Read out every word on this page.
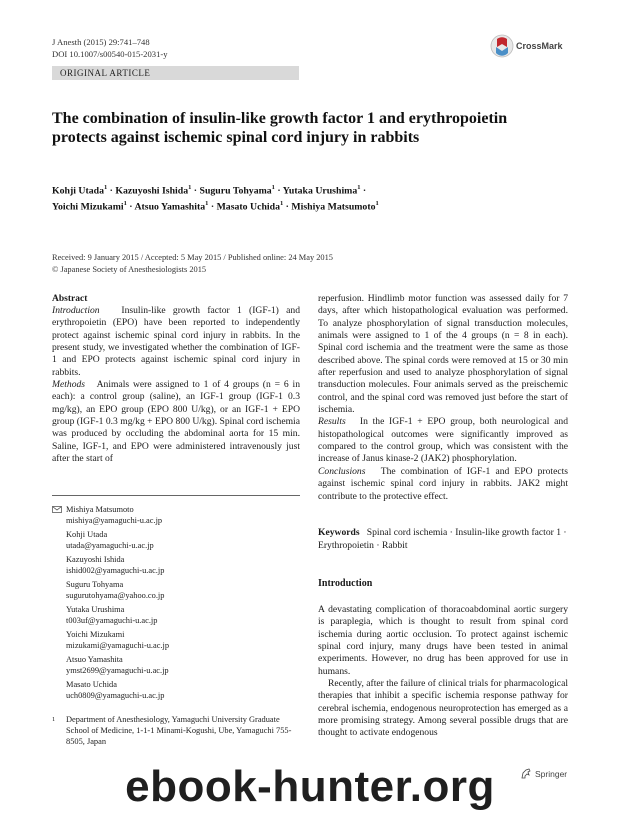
J Anesth (2015) 29:741–748
DOI 10.1007/s00540-015-2031-y
CrossMark
ORIGINAL ARTICLE
The combination of insulin-like growth factor 1 and erythropoietin protects against ischemic spinal cord injury in rabbits

Kohji Utada$^1$ · Kazuyoshi Ishida$^1$ · Suguru Tohyama$^1$ · Yutaka Urushima$^1$ ·
Yoichi Mizukami$^1$ · Atsuo Yamashita$^1$ · Masato Uchida$^1$ · Mishiya Matsumoto$^1$

Received: 9 January 2015 / Accepted: 5 May 2015 / Published online: 24 May 2015
© Japanese Society of Anesthesiologists 2015

Abstract

Introduction Insulin-like growth factor 1 (IGF-1) and erythropoietin (EPO) have been reported to independently protect against ischemic spinal cord injury in rabbits. In the present study, we investigated whether the combination of IGF-1 and EPO protects against ischemic spinal cord injury in rabbits.

Methods Animals were assigned to 1 of 4 groups (n = 6 in each): a control group (saline), an IGF-1 group (IGF-1 0.3 mg/kg), an EPO group (EPO 800 U/kg), or an IGF-1 + EPO group (IGF-1 0.3 mg/kg + EPO 800 U/kg). Spinal cord ischemia was produced by occluding the abdominal aorta for 15 min. Saline, IGF-1, and EPO were administered intravenously just after the start of

Mishiya Matsumoto
mishiya@yamaguchi-u.ac.jp
Kohji Utada
utada@yamaguchi-u.ac.jp
Kazuyoshi Ishida
ishid002@yamaguchi-u.ac.jp
Suguru Tohyama
sugurutohyama@yahoo.co.jp
Yutaka Urushima
t003uf@yamaguchi-u.ac.jp
Yoichi Mizukami
mizukami@yamaguchi-u.ac.jp
Atsuo Yamashita
ymst2699@yamaguchi-u.ac.jp
Masato Uchida
uch0809@yamaguchi-u.ac.jp
1	Department of Anesthesiology, Yamaguchi University Graduate School of Medicine, 1-1-1 Minami-Kogushi, Ube, Yamaguchi 755-8505, Japan

reperfusion. Hindlimb motor function was assessed daily for 7 days, after which histopathological evaluation was performed. To analyze phosphorylation of signal transduction molecules, animals were assigned to 1 of the 4 groups (n = 8 in each). Spinal cord ischemia and the treatment were the same as those described above. The spinal cords were removed at 15 or 30 min after reperfusion and used to analyze phosphorylation of signal transduction molecules. Four animals served as the preischemic control, and the spinal cord was removed just before the start of ischemia.

Results In the IGF-1 + EPO group, both neurological and histopathological outcomes were significantly improved as compared to the control group, which was consistent with the increase of Janus kinase-2 (JAK2) phosphorylation.

Conclusions The combination of IGF-1 and EPO protects against ischemic spinal cord injury in rabbits. JAK2 might contribute to the protective effect.

Keywords Spinal cord ischemia · Insulin-like growth factor 1 · Erythropoietin · Rabbit
Introduction

A devastating complication of thoracoabdominal aortic surgery is paraplegia, which is thought to result from spinal cord ischemia during aortic occlusion. To protect against ischemic spinal cord injury, many drugs have been tested in animal experiments. However, no drug has been approved for use in humans.

Recently, after the failure of clinical trials for pharmacological therapies that inhibit a specific ischemia response pathway for cerebral ischemia, endogenous neuroprotection has emerged as a more promising strategy. Among several possible drugs that are thought to activate endogenous

Springer
ebook-hunter.org
